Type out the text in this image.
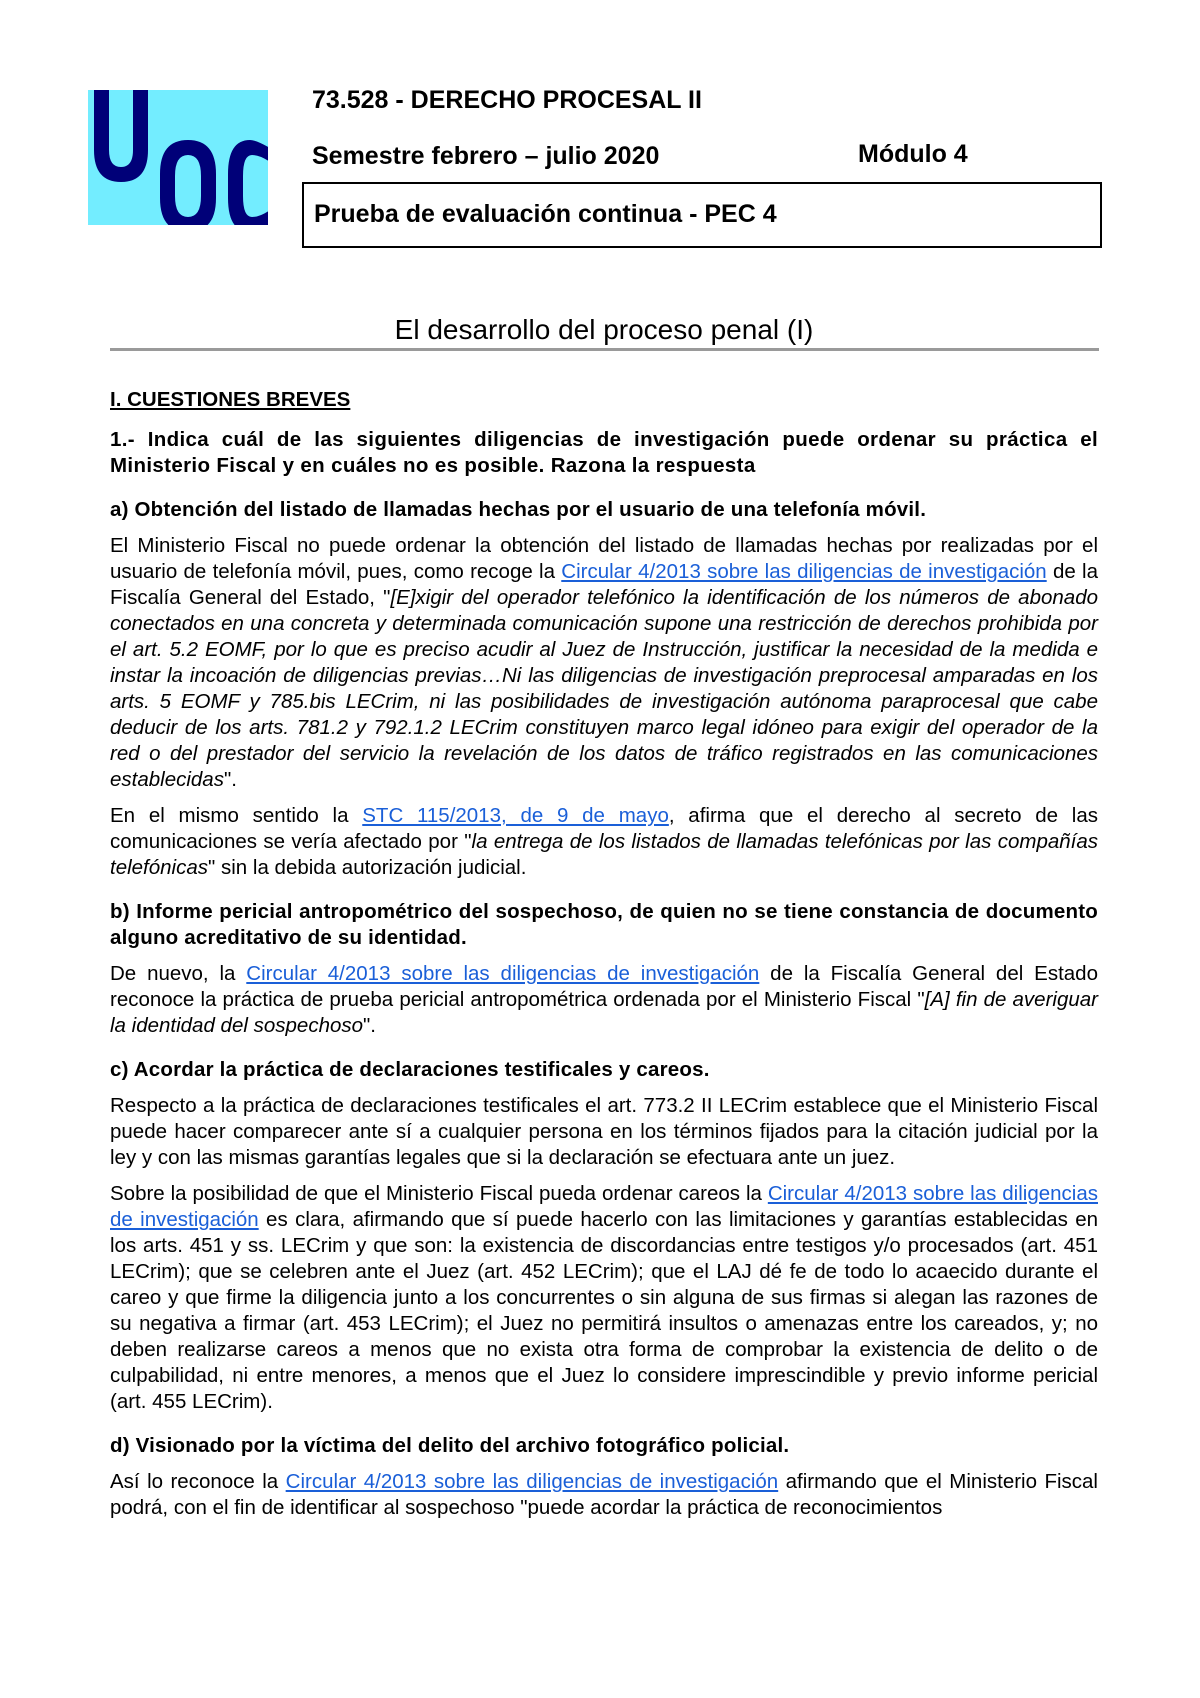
73.528 - DERECHO PROCESAL II
Semestre febrero – julio 2020	Módulo 4
Prueba de evaluación continua - PEC 4
El desarrollo del proceso penal (I)

I. CUESTIONES BREVES

1.- Indica cuál de las siguientes diligencias de investigación puede ordenar su práctica el Ministerio Fiscal y en cuáles no es posible. Razona la respuesta

a) Obtención del listado de llamadas hechas por el usuario de una telefonía móvil.

El Ministerio Fiscal no puede ordenar la obtención del listado de llamadas hechas por realizadas por el usuario de telefonía móvil, pues, como recoge la Circular 4/2013 sobre las diligencias de investigación de la Fiscalía General del Estado, "[E]xigir del operador telefónico la identificación de los números de abonado conectados en una concreta y determinada comunicación supone una restricción de derechos prohibida por el art. 5.2 EOMF, por lo que es preciso acudir al Juez de Instrucción, justificar la necesidad de la medida e instar la incoación de diligencias previas…Ni las diligencias de investigación preprocesal amparadas en los arts. 5 EOMF y 785.bis LECrim, ni las posibilidades de investigación autónoma paraprocesal que cabe deducir de los arts. 781.2 y 792.1.2 LECrim constituyen marco legal idóneo para exigir del operador de la red o del prestador del servicio la revelación de los datos de tráfico registrados en las comunicaciones establecidas".

En el mismo sentido la STC 115/2013, de 9 de mayo, afirma que el derecho al secreto de las comunicaciones se vería afectado por "la entrega de los listados de llamadas telefónicas por las compañías telefónicas" sin la debida autorización judicial.

b) Informe pericial antropométrico del sospechoso, de quien no se tiene constancia de documento alguno acreditativo de su identidad.

De nuevo, la Circular 4/2013 sobre las diligencias de investigación de la Fiscalía General del Estado reconoce la práctica de prueba pericial antropométrica ordenada por el Ministerio Fiscal "[A] fin de averiguar la identidad del sospechoso".

c) Acordar la práctica de declaraciones testificales y careos.

Respecto a la práctica de declaraciones testificales el art. 773.2 II LECrim establece que el Ministerio Fiscal puede hacer comparecer ante sí a cualquier persona en los términos fijados para la citación judicial por la ley y con las mismas garantías legales que si la declaración se efectuara ante un juez.

Sobre la posibilidad de que el Ministerio Fiscal pueda ordenar careos la Circular 4/2013 sobre las diligencias de investigación es clara, afirmando que sí puede hacerlo con las limitaciones y garantías establecidas en los arts. 451 y ss. LECrim y que son: la existencia de discordancias entre testigos y/o procesados (art. 451 LECrim); que se celebren ante el Juez (art. 452 LECrim); que el LAJ dé fe de todo lo acaecido durante el careo y que firme la diligencia junto a los concurrentes o sin alguna de sus firmas si alegan las razones de su negativa a firmar (art. 453 LECrim); el Juez no permitirá insultos o amenazas entre los careados, y; no deben realizarse careos a menos que no exista otra forma de comprobar la existencia de delito o de culpabilidad, ni entre menores, a menos que el Juez lo considere imprescindible y previo informe pericial (art. 455 LECrim).

d) Visionado por la víctima del delito del archivo fotográfico policial.

Así lo reconoce la Circular 4/2013 sobre las diligencias de investigación afirmando que el Ministerio Fiscal podrá, con el fin de identificar al sospechoso "puede acordar la práctica de reconocimientos
